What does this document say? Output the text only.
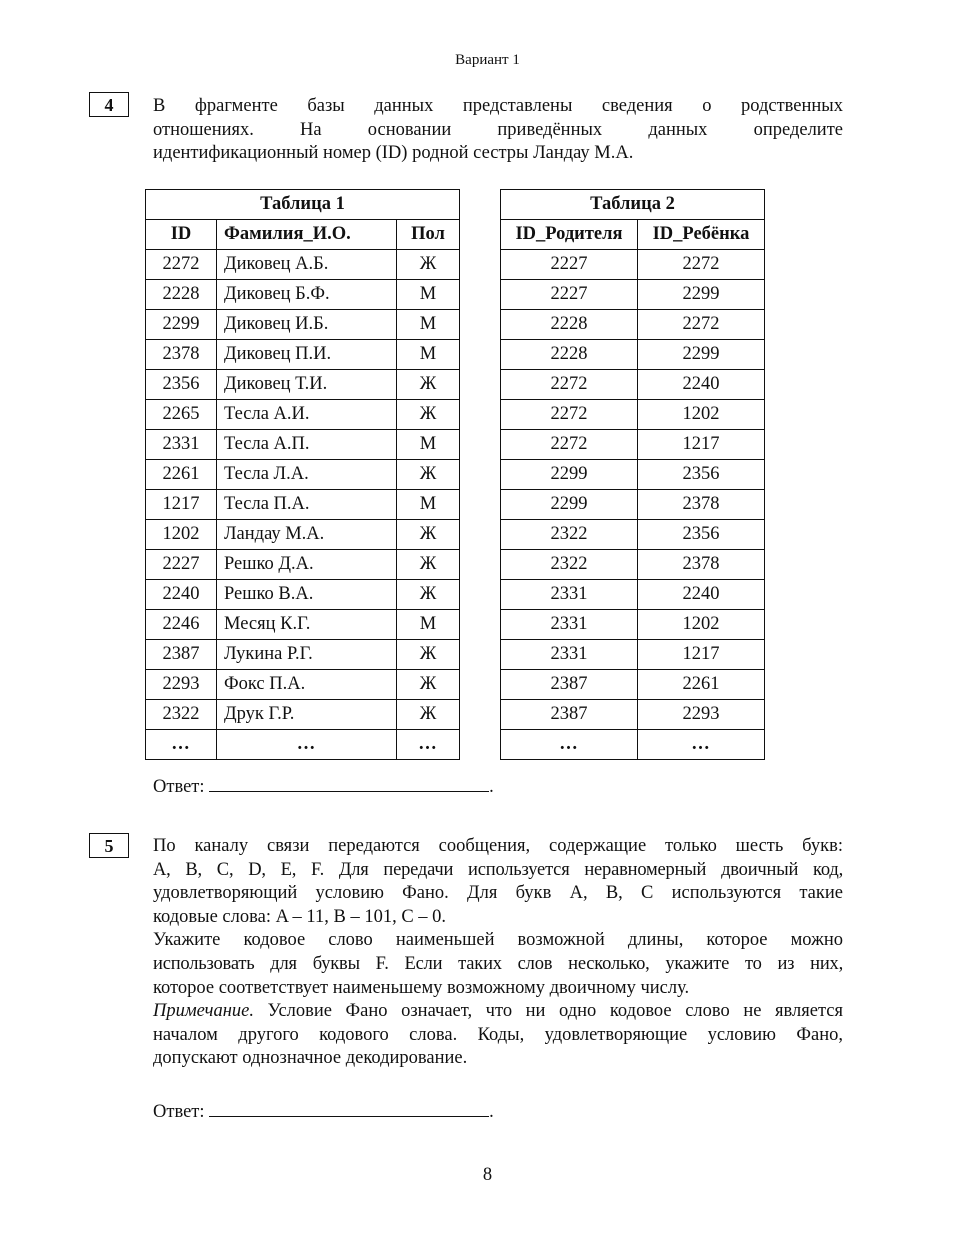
Вариант 1
4	В фрагменте базы данных представлены сведения о родственных
отношениях. На основании приведённых данных определите
идентификационный номер (ID) родной сестры Ландау М.А.
Таблица 1		
ID	Фамилия_И.О.	Пол
2272	Диковец А.Б.	Ж
2228	Диковец Б.Ф.	М
2299	Диковец И.Б.	М
2378	Диковец П.И.	М
2356	Диковец Т.И.	Ж
2265	Тесла А.И.	Ж
2331	Тесла А.П.	М
2261	Тесла Л.А.	Ж
1217	Тесла П.А.	М
1202	Ландау М.А.	Ж
2227	Решко Д.А.	Ж
2240	Решко В.А.	Ж
2246	Месяц К.Г.	М
2387	Лукина Р.Г.	Ж
2293	Фокс П.А.	Ж
2322	Друк Г.Р.	Ж
…	…	…
Таблица 2	
ID_Родителя	ID_Ребёнка
2227	2272
2227	2299
2228	2272
2228	2299
2272	2240
2272	1202
2272	1217
2299	2356
2299	2378
2322	2356
2322	2378
2331	2240
2331	1202
2331	1217
2387	2261
2387	2293
…	…
Ответ:	.
5	По каналу связи передаются сообщения, содержащие только шесть букв:
A, B, C, D, E, F. Для передачи используется неравномерный двоичный код,
удовлетворяющий условию Фано. Для букв A, B, C используются такие
кодовые слова: A – 11, B – 101, C – 0.
Укажите кодовое слово наименьшей возможной длины, которое можно
использовать для буквы F. Если таких слов несколько, укажите то из них,
которое соответствует наименьшему возможному двоичному числу.
Примечание. Условие Фано означает, что ни одно кодовое слово не является
началом другого кодового слова. Коды, удовлетворяющие условию Фано,
допускают однозначное декодирование.
Ответ:	.
8
